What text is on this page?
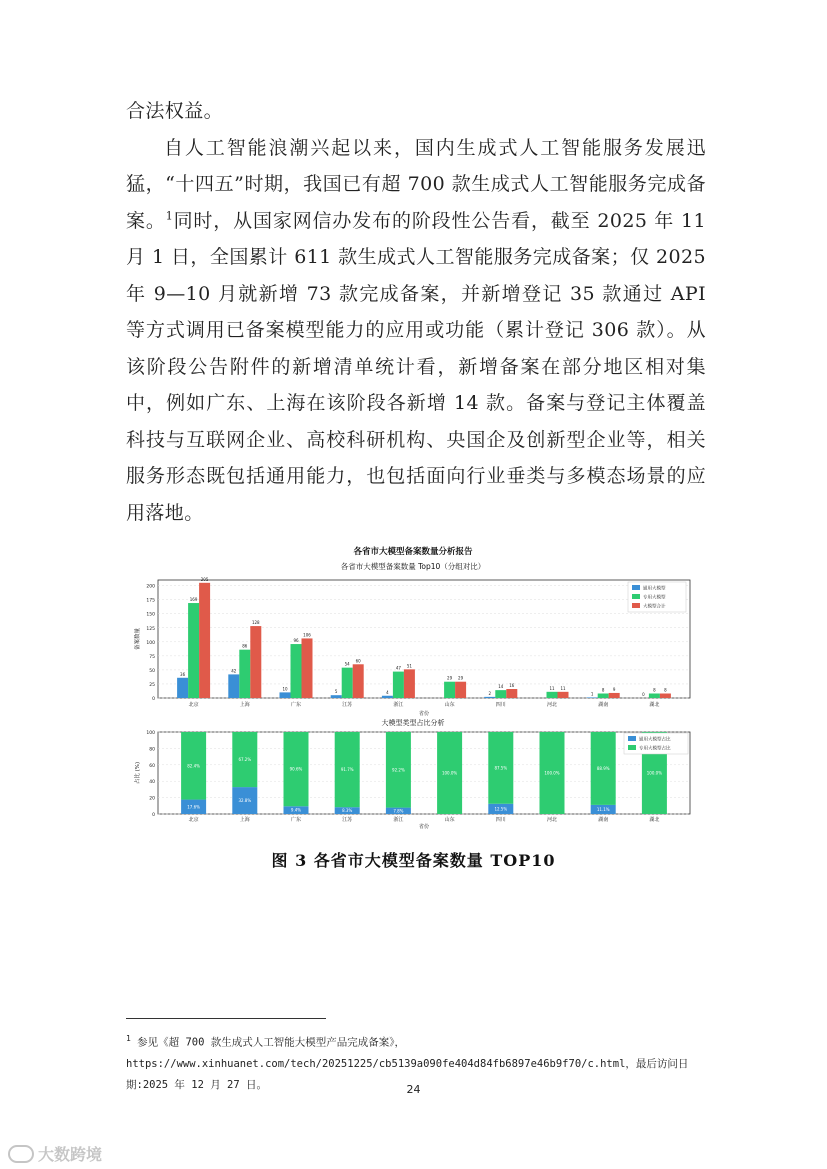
合法权益。

自人工智能浪潮兴起以来，国内生成式人工智能服务发展迅猛，“十四五”时期，我国已有超 700 款生成式人工智能服务完成备案。$^1$同时，从国家网信办发布的阶段性公告看，截至 2025 年 11 月 1 日，全国累计 611 款生成式人工智能服务完成备案；仅 2025 年 9—10 月就新增 73 款完成备案，并新增登记 35 款通过 API 等方式调用已备案模型能力的应用或功能（累计登记 306 款）。从该阶段公告附件的新增清单统计看，新增备案在部分地区相对集中，例如广东、上海在该阶段各新增 14 款。备案与登记主体覆盖科技与互联网企业、高校科研机构、央国企及创新型企业等，相关服务形态既包括通用能力，也包括面向行业垂类与多模态场景的应用落地。

各省市大模型备案数量分析报告
各省市大模型备案数量 Top10（分组对比）
0
25
50
75
100
125
150
175
200
备案数量
北京
36
169
205
上海
42
86
128
广东
10
96
106
江苏
5
54
60
浙江
4
47 51
山东
29 29
四川
2
14 16
河北
11 11
湖南
1
8 9
湖北
0
8 8
省份
通用大模型
专用大模型
大模型合计
大模型类型占比分析
0
20
40
60
80
100
占比 (%)
北京
17.6%
82.4%
上海
32.8%
67.2%
广东
9.4%
90.6%
江苏
8.3%
91.7%
浙江
7.8%
92.2%
山东
100.0%
四川
12.5%
87.5%
河北
100.0%
湖南
11.1%
88.9%
湖北
100.0%
省份
通用大模型占比
专用大模型占比
图 3 各省市大模型备案数量 TOP10
$^1$ 参见《超 700 款生成式人工智能大模型产品完成备案》，https://www.xinhuanet.com/tech/20251225/cb5139a090fe404d84fb6897e46b9f70/c.html，最后访问日期:2025 年 12 月 27 日。	24
大数跨境
